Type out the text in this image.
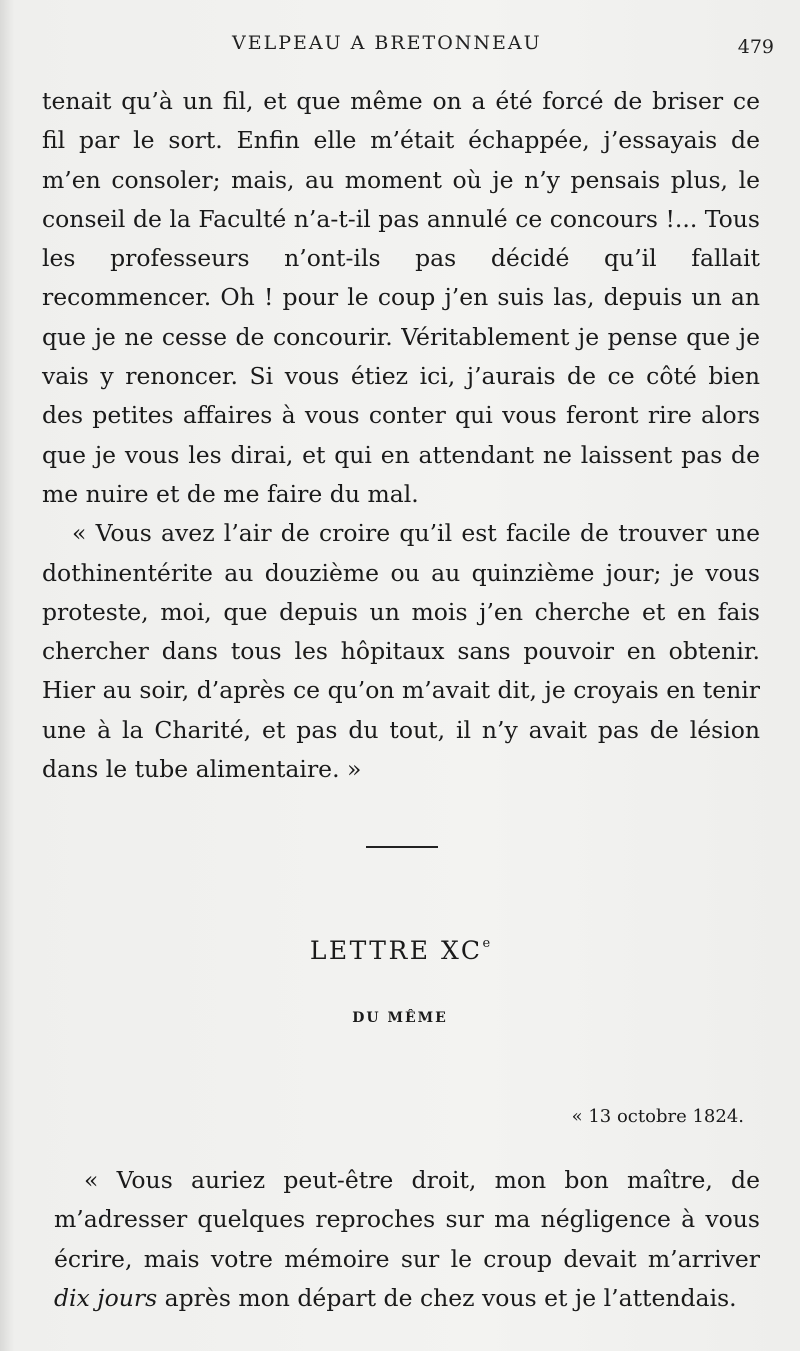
VELPEAU A BRETONNEAU	479

tenait qu’à un fil, et que même on a été forcé de briser ce fil par le sort. Enfin elle m’était échappée, j’essayais de m’en consoler; mais, au moment où je n’y pensais plus, le conseil de la Faculté n’a-t-il pas annulé ce concours !... Tous les professeurs n’ont-ils pas décidé qu’il fallait recommencer. Oh ! pour le coup j’en suis las, depuis un an que je ne cesse de concourir. Véritablement je pense que je vais y renoncer. Si vous étiez ici, j’aurais de ce côté bien des petites affaires à vous conter qui vous feront rire alors que je vous les dirai, et qui en attendant ne laissent pas de me nuire et de me faire du mal.

« Vous avez l’air de croire qu’il est facile de trouver une dothinentérite au douzième ou au quinzième jour; je vous proteste, moi, que depuis un mois j’en cherche et en fais chercher dans tous les hôpitaux sans pouvoir en obtenir. Hier au soir, d’après ce qu’on m’avait dit, je croyais en tenir une à la Charité, et pas du tout, il n’y avait pas de lésion dans le tube alimentaire. »

LETTRE XCe
DU MÊME
« 13 octobre 1824.

« Vous auriez peut-être droit, mon bon maître, de m’adresser quelques reproches sur ma négligence à vous écrire, mais votre mémoire sur le croup devait m’arriver dix jours après mon départ de chez vous et je l’attendais.
